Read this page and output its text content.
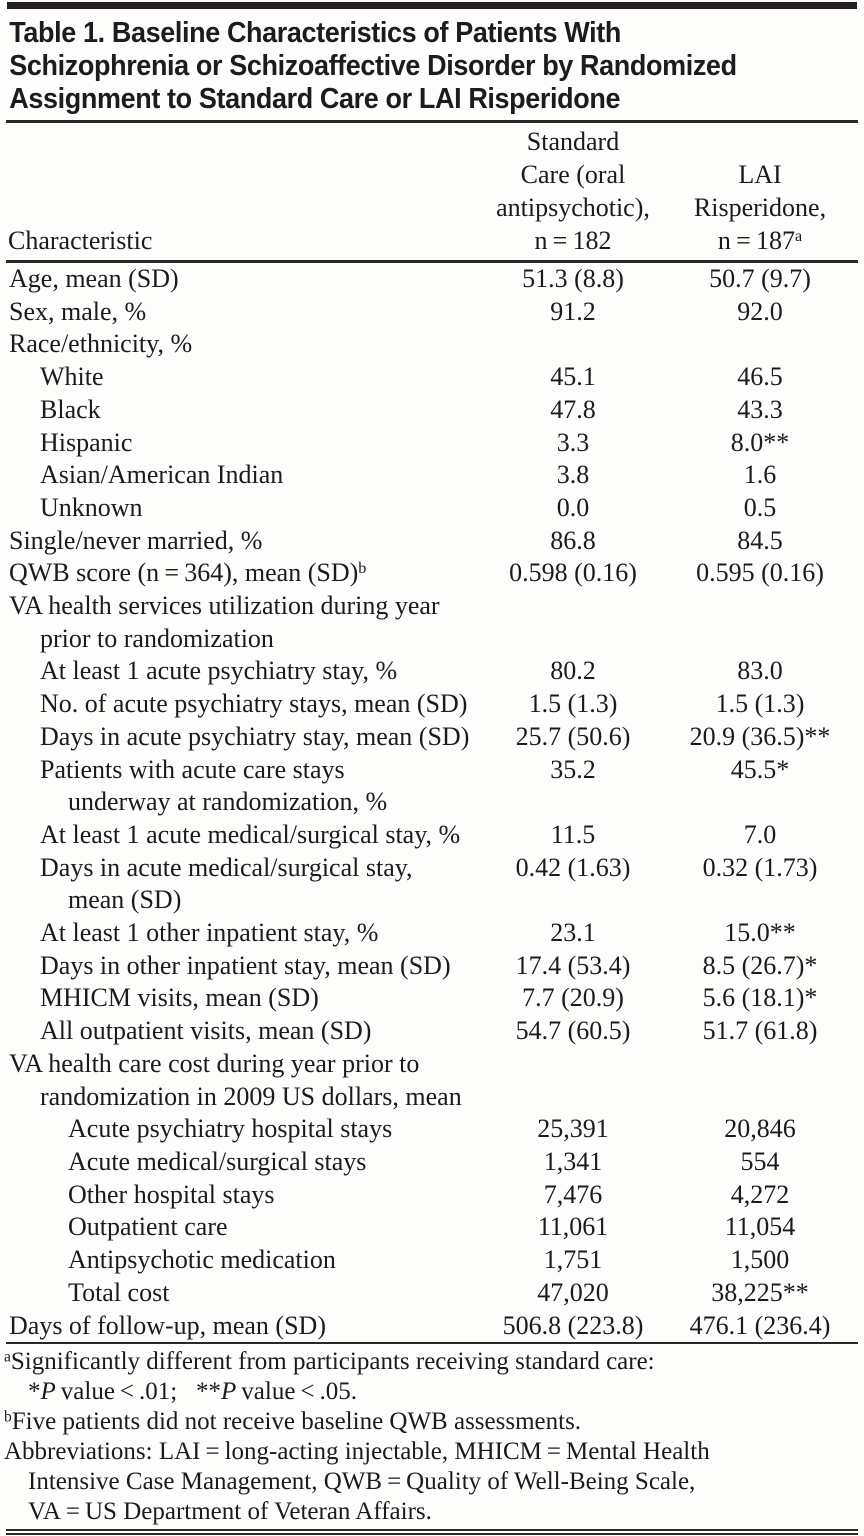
Table 1. Baseline Characteristics of Patients With
Schizophrenia or Schizoaffective Disorder by Randomized
Assignment to Standard Care or LAI Risperidone
Characteristic
Standard
Care (oral
antipsychotic),
n = 182
LAI
Risperidone,
$n = 187^a$
Age, mean (SD)	51.3 (8.8)	50.7 (9.7)
Sex, male, %	91.2	92.0
Race/ethnicity, %
White	45.1	46.5
Black	47.8	43.3
Hispanic	3.3	8.0**
Asian/American Indian	3.8	1.6
Unknown	0.0	0.5
Single/never married, %	86.8	84.5
QWB score (n = 364), mean (SD)$^b$	0.598 (0.16)	0.595 (0.16)
VA health services utilization during year
prior to randomization
At least 1 acute psychiatry stay, %	80.2	83.0
No. of acute psychiatry stays, mean (SD)	1.5 (1.3)	1.5 (1.3)
Days in acute psychiatry stay, mean (SD)	25.7 (50.6)	20.9 (36.5)**
Patients with acute care stays
underway at randomization, %
35.2	45.5*
At least 1 acute medical/surgical stay, %	11.5	7.0
Days in acute medical/surgical stay,
mean (SD)
0.42 (1.63)	0.32 (1.73)
At least 1 other inpatient stay, %	23.1	15.0**
Days in other inpatient stay, mean (SD)	17.4 (53.4)	8.5 (26.7)*
MHICM visits, mean (SD)	7.7 (20.9)	5.6 (18.1)*
All outpatient visits, mean (SD)	54.7 (60.5)	51.7 (61.8)
VA health care cost during year prior to
randomization in 2009 US dollars, mean
Acute psychiatry hospital stays	25,391	20,846
Acute medical/surgical stays	1,341	554
Other hospital stays	7,476	4,272
Outpatient care	11,061	11,054
Antipsychotic medication	1,751	1,500
Total cost	47,020	38,225**
Days of follow-up, mean (SD)	506.8 (223.8)	476.1 (236.4)
$^a$Significantly different from participants receiving standard care:
*P value < .01;  **P value < .05.
$^b$Five patients did not receive baseline QWB assessments.
Abbreviations: LAI = long-acting injectable, MHICM = Mental Health
Intensive Case Management, QWB = Quality of Well-Being Scale,
VA = US Department of Veteran Affairs.
